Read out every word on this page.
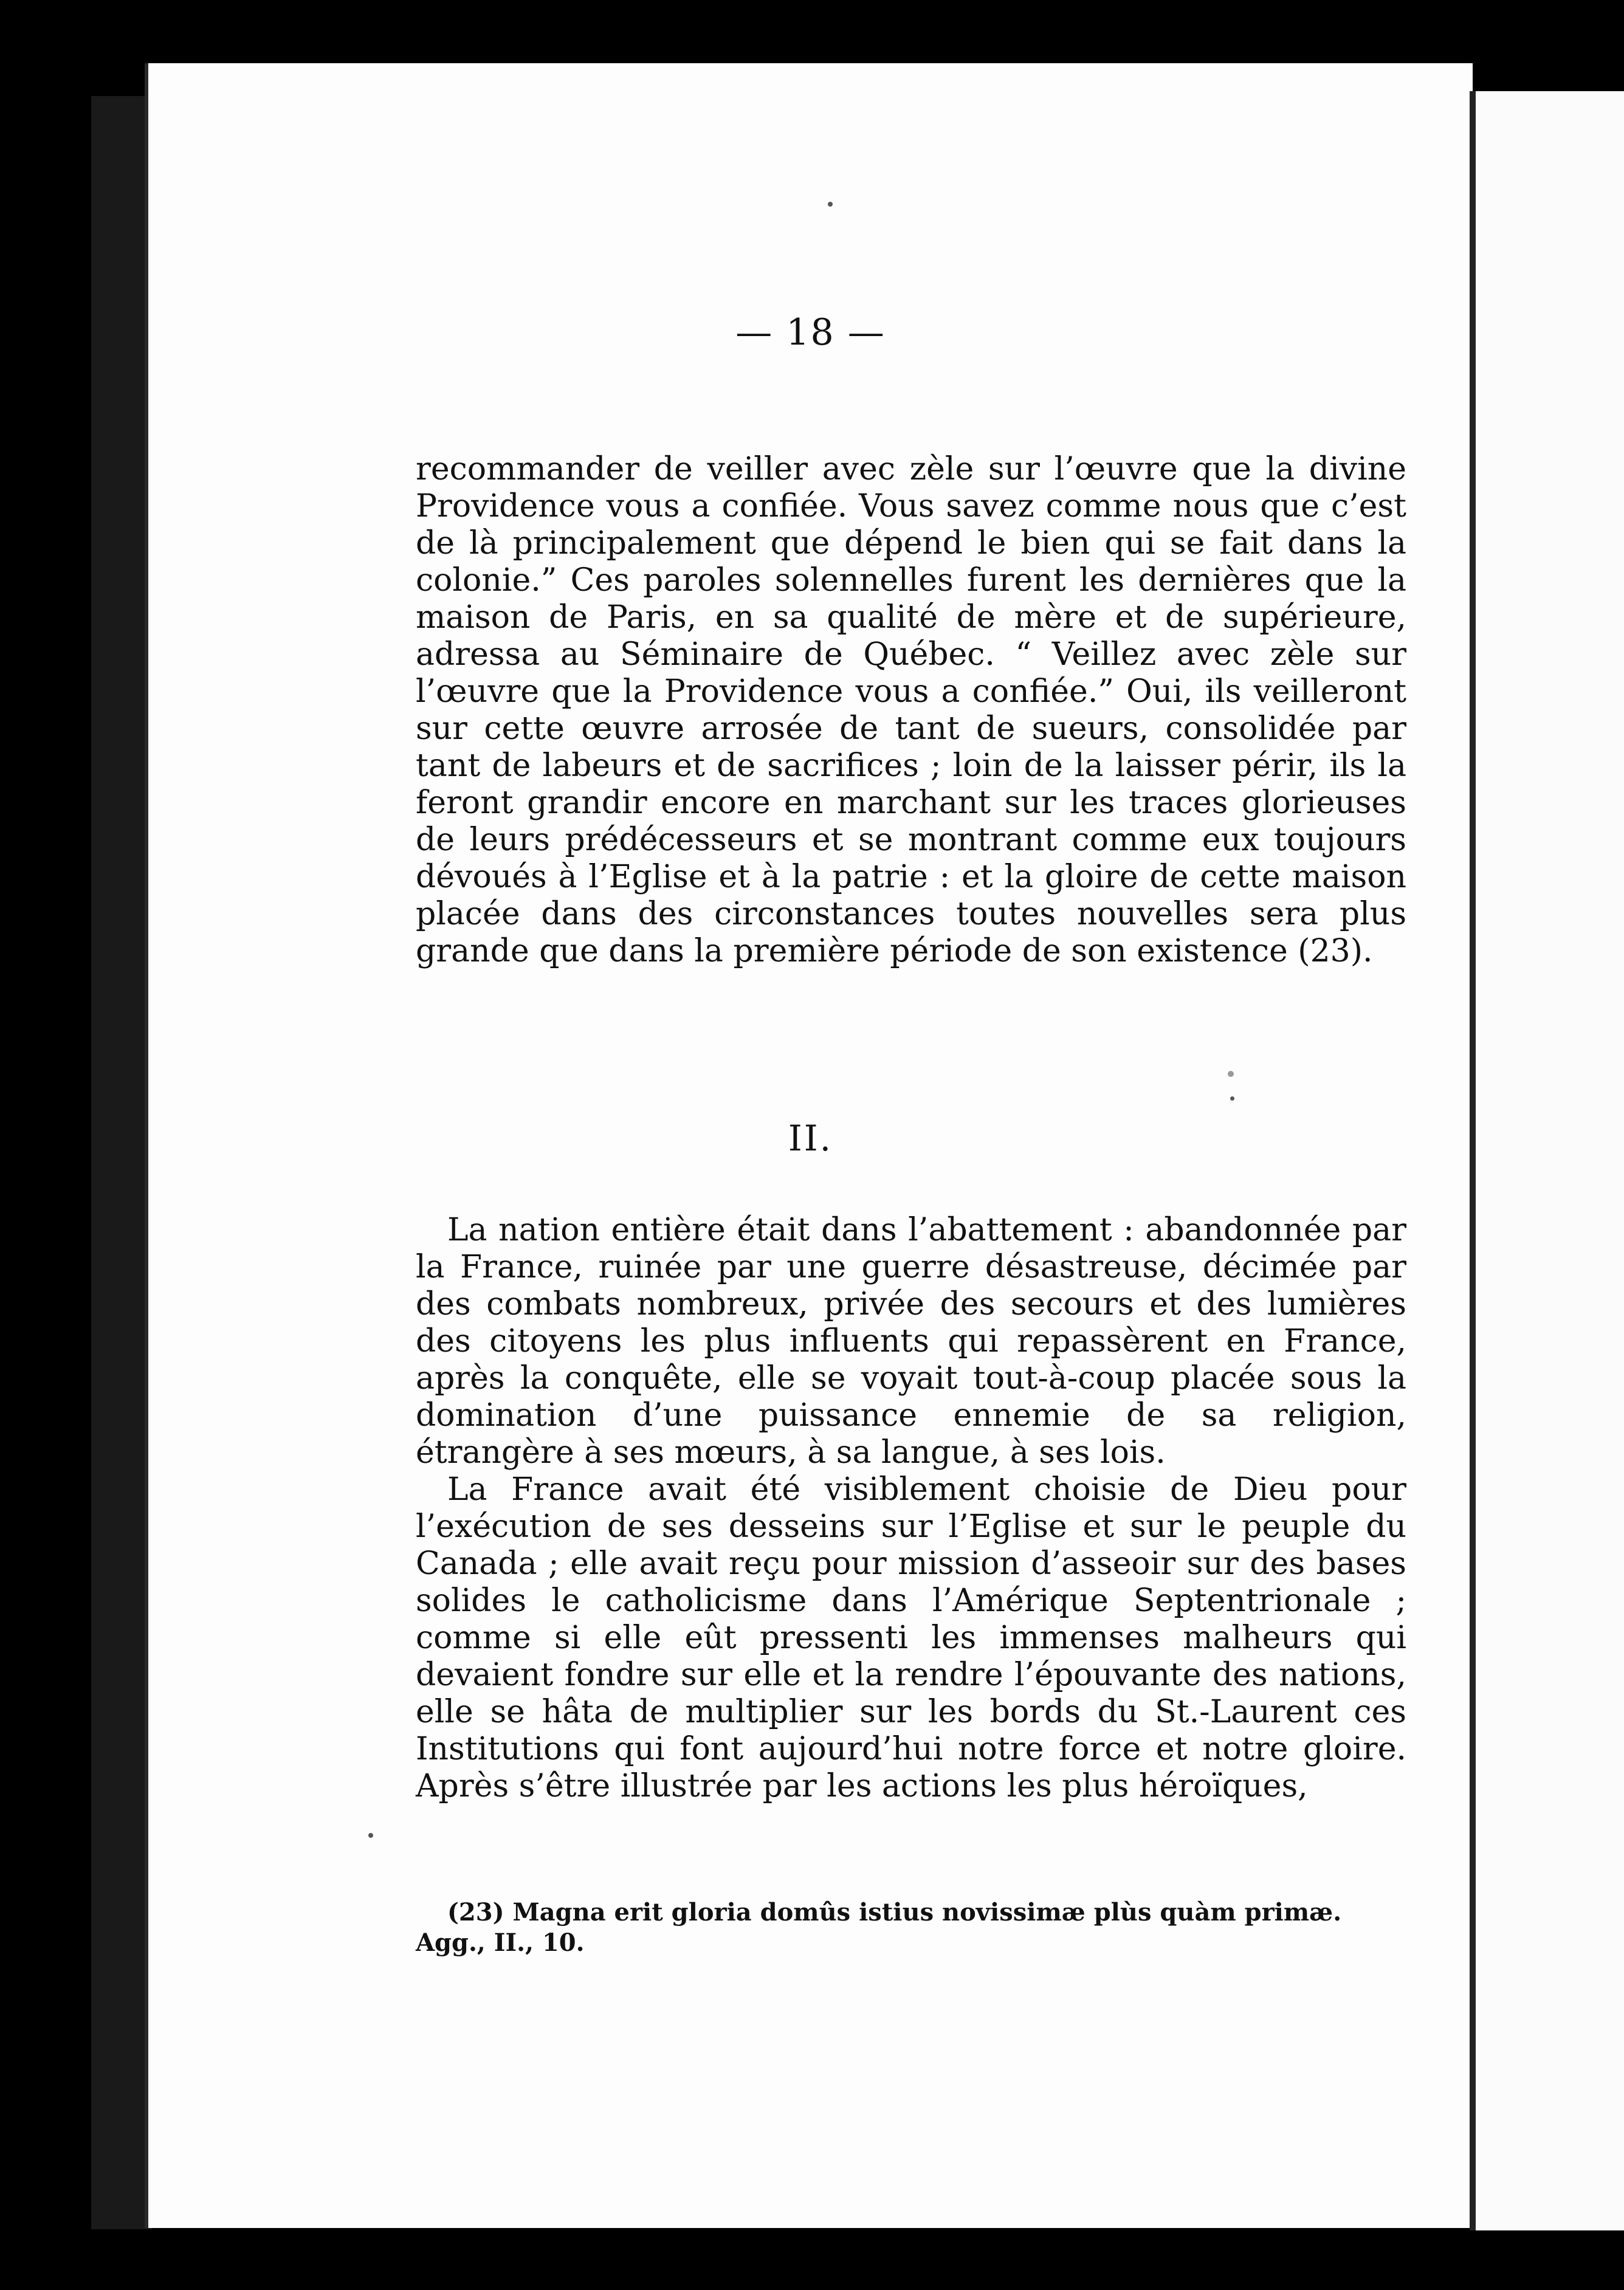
— 18 —

recommander de veiller avec zèle sur l’œuvre que la divine Providence vous a confiée. Vous savez comme nous que c’est de là principalement que dépend le bien qui se fait dans la colonie.” Ces paroles solennelles furent les dernières que la maison de Paris, en sa qualité de mère et de supérieure, adressa au Séminaire de Québec. “ Veillez avec zèle sur l’œuvre que la Providence vous a confiée.” Oui, ils veilleront sur cette œuvre arrosée de tant de sueurs, consolidée par tant de labeurs et de sacrifices ; loin de la laisser périr, ils la feront grandir encore en marchant sur les traces glorieuses de leurs prédécesseurs et se montrant comme eux toujours dévoués à l’Eglise et à la patrie : et la gloire de cette maison placée dans des circonstances toutes nouvelles sera plus grande que dans la première période de son existence (23).

II.

La nation entière était dans l’abattement : abandonnée par la France, ruinée par une guerre désastreuse, décimée par des combats nombreux, privée des secours et des lumières des citoyens les plus influents qui repassèrent en France, après la conquête, elle se voyait tout-à-coup placée sous la domination d’une puissance ennemie de sa religion, étrangère à ses mœurs, à sa langue, à ses lois.

La France avait été visiblement choisie de Dieu pour l’exécution de ses desseins sur l’Eglise et sur le peuple du Canada ; elle avait reçu pour mission d’asseoir sur des bases solides le catholicisme dans l’Amérique Septentrionale ; comme si elle eût pressenti les immenses malheurs qui devaient fondre sur elle et la rendre l’épouvante des nations, elle se hâta de multiplier sur les bords du St.-Laurent ces Institutions qui font aujourd’hui notre force et notre gloire. Après s’être illustrée par les actions les plus héroïques,

(23) Magna erit gloria domûs istius novissimæ plùs quàm primæ.
Agg., II., 10.
